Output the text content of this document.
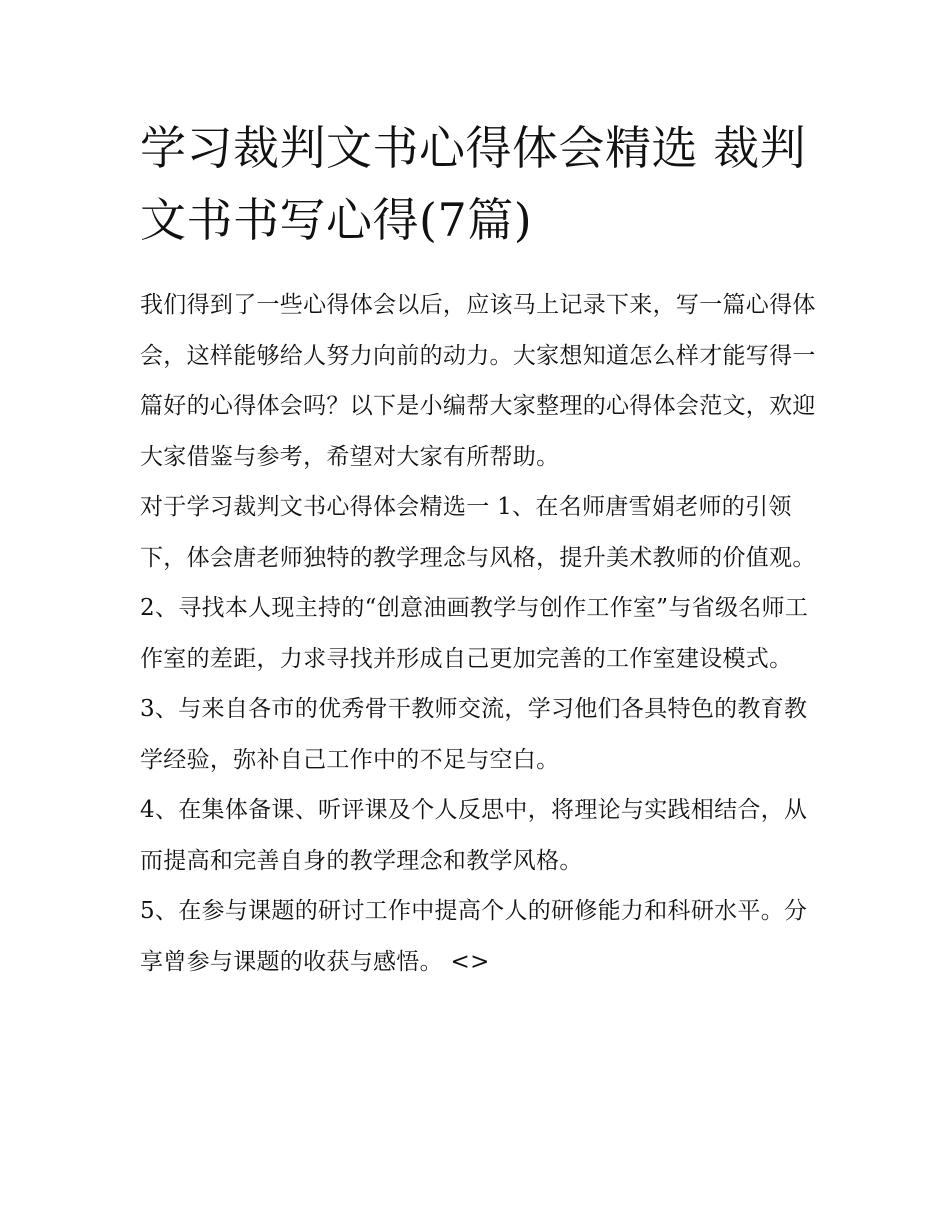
学习裁判文书心得体会精选 裁判文书书写心得(7篇)

我们得到了一些心得体会以后，应该马上记录下来，写一篇心得体会，这样能够给人努力向前的动力。大家想知道怎么样才能写得一篇好的心得体会吗？以下是小编帮大家整理的心得体会范文，欢迎大家借鉴与参考，希望对大家有所帮助。

对于学习裁判文书心得体会精选一 1、在名师唐雪娟老师的引领下，体会唐老师独特的教学理念与风格，提升美术教师的价值观。

2、寻找本人现主持的“创意油画教学与创作工作室”与省级名师工作室的差距，力求寻找并形成自己更加完善的工作室建设模式。

3、与来自各市的优秀骨干教师交流，学习他们各具特色的教育教学经验，弥补自己工作中的不足与空白。

4、在集体备课、听评课及个人反思中，将理论与实践相结合，从而提高和完善自身的教学理念和教学风格。

5、在参与课题的研讨工作中提高个人的研修能力和科研水平。分享曾参与课题的收获与感悟。 <>
